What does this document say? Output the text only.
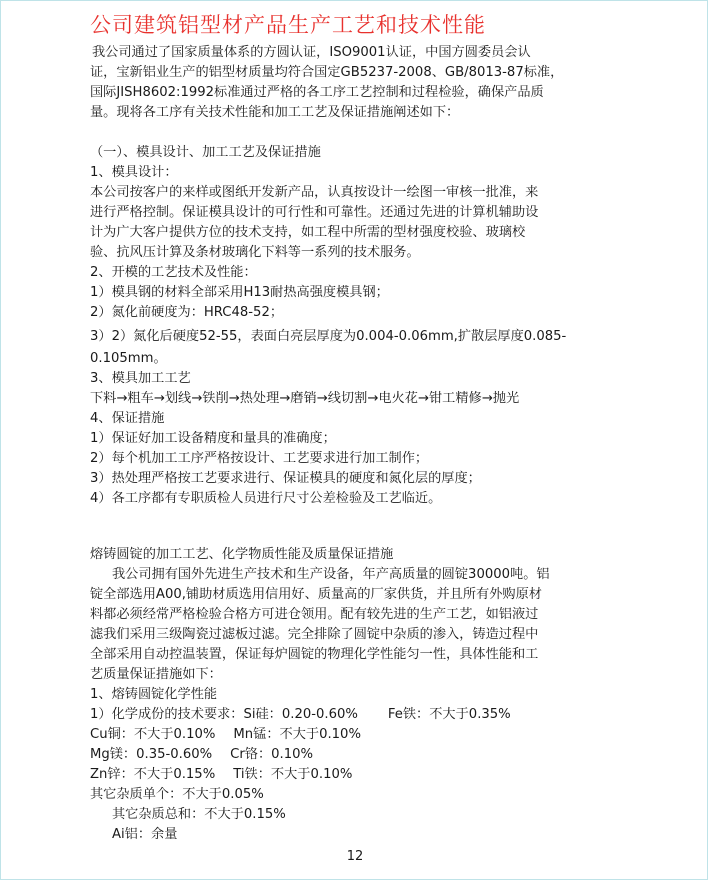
公司建筑铝型材产品生产工艺和技术性能

我公司通过了国家质量体系的方圆认证，ISO9001认证，中国方圆委员会认

证，宝新铝业生产的铝型材质量均符合国定GB5237-2008、GB/8013-87标准，

国际JISH8602:1992标准通过严格的各工序工艺控制和过程检验，确保产品质

量。现将各工序有关技术性能和加工工艺及保证措施阐述如下：

（一）、模具设计、加工工艺及保证措施

1、模具设计：

本公司按客户的来样或图纸开发新产品，认真按设计一绘图一审核一批准，来

进行严格控制。保证模具设计的可行性和可靠性。还通过先进的计算机辅助设

计为广大客户提供方位的技术支持，如工程中所需的型材强度校验、玻璃校

验、抗风压计算及条材玻璃化下料等一系列的技术服务。

2、开模的工艺技术及性能：

1）模具钢的材料全部采用H13耐热高强度模具钢；

2）氮化前硬度为：HRC48-52；

3）2）氮化后硬度52-55，表面白亮层厚度为0.004-0.06mm,扩散层厚度0.085-

0.105mm。

3、模具加工工艺

下料→粗车→划线→铁削→热处理→磨销→线切割→电火花→钳工精修→抛光

4、保证措施

1）保证好加工设备精度和量具的准确度；

2）每个机加工工序严格按设计、工艺要求进行加工制作；

3）热处理严格按工艺要求进行、保证模具的硬度和氮化层的厚度；

4）各工序都有专职质检人员进行尺寸公差检验及工艺临近。

熔铸圆锭的加工工艺、化学物质性能及质量保证措施

我公司拥有国外先进生产技术和生产设备，年产高质量的圆锭30000吨。铝

锭全部选用A00,铺助材质选用信用好、质量高的厂家供货，并且所有外购原材

料都必须经常严格检验合格方可进仓领用。配有较先进的生产工艺，如铝液过

滤我们采用三级陶瓷过滤板过滤。完全排除了圆锭中杂质的渗入，铸造过程中

全部采用自动控温装置，保证每炉圆锭的物理化学性能匀一性，具体性能和工

艺质量保证措施如下：

1、熔铸圆锭化学性能

1）化学成份的技术要求：Si硅：0.20-0.60% Fe铁：不大于0.35%

Cu铜：不大于0.10% Mn锰：不大于0.10%

Mg镁：0.35-0.60% Cr铬：0.10%

Zn锌：不大于0.15% Ti铁：不大于0.10%

其它杂质单个：不大于0.05%

其它杂质总和：不大于0.15%

Ai铝：余量

12
